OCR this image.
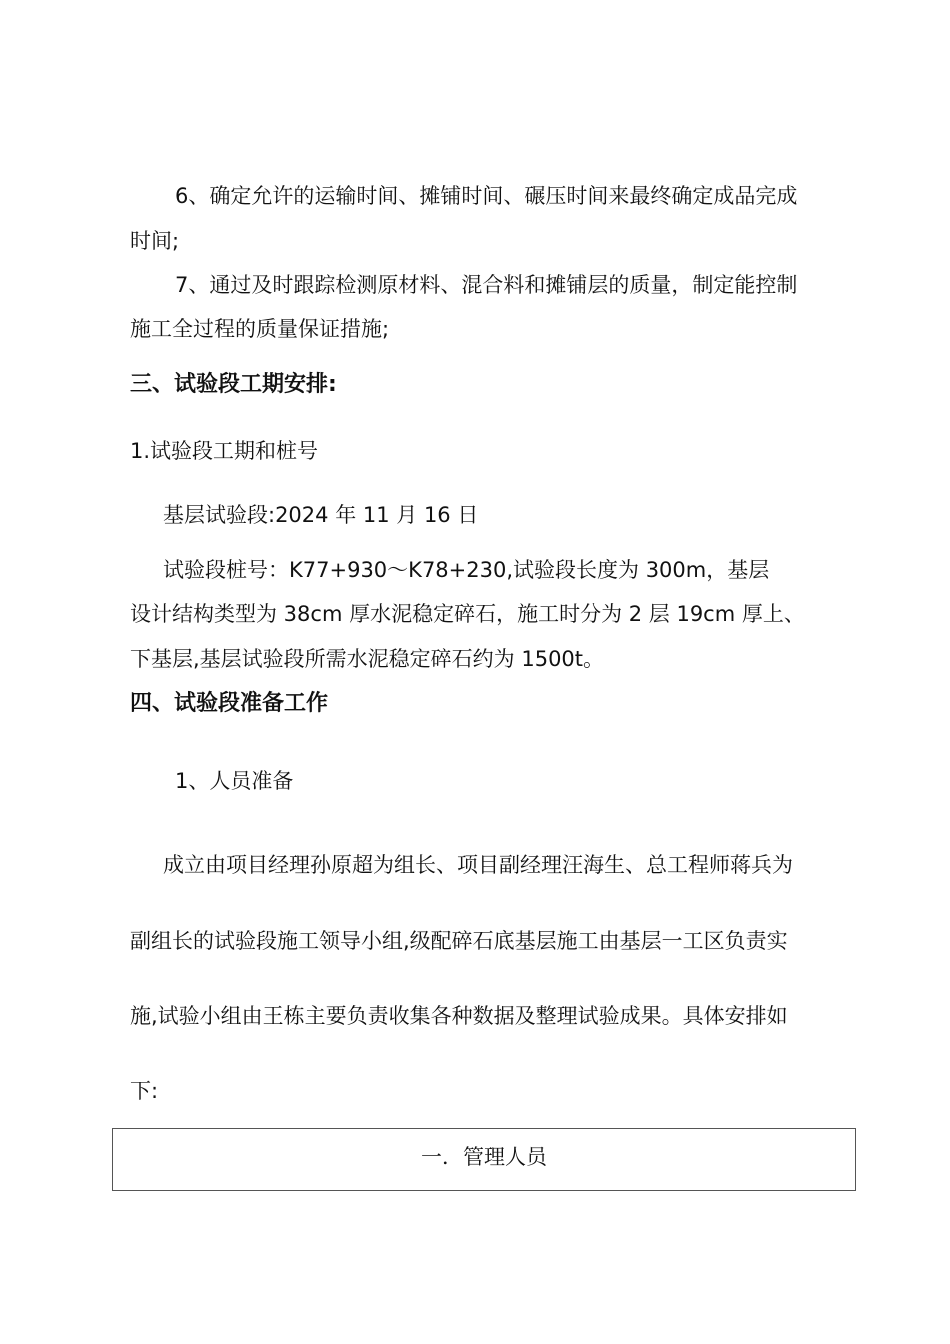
6、确定允许的运输时间、摊铺时间、碾压时间来最终确定成品完成
时间;
7、通过及时跟踪检测原材料、混合料和摊铺层的质量，制定能控制
施工全过程的质量保证措施;
三、试验段工期安排:
1.试验段工期和桩号
基层试验段:2024 年 11 月 16 日
试验段桩号：K77+930～K78+230,试验段长度为 300m，基层
设计结构类型为 38cm 厚水泥稳定碎石，施工时分为 2 层 19cm 厚上、
下基层,基层试验段所需水泥稳定碎石约为 1500t。
四、试验段准备工作
1、人员准备
成立由项目经理孙原超为组长、项目副经理汪海生、总工程师蒋兵为
副组长的试验段施工领导小组,级配碎石底基层施工由基层一工区负责实
施,试验小组由王栋主要负责收集各种数据及整理试验成果。具体安排如
下:
一．管理人员
